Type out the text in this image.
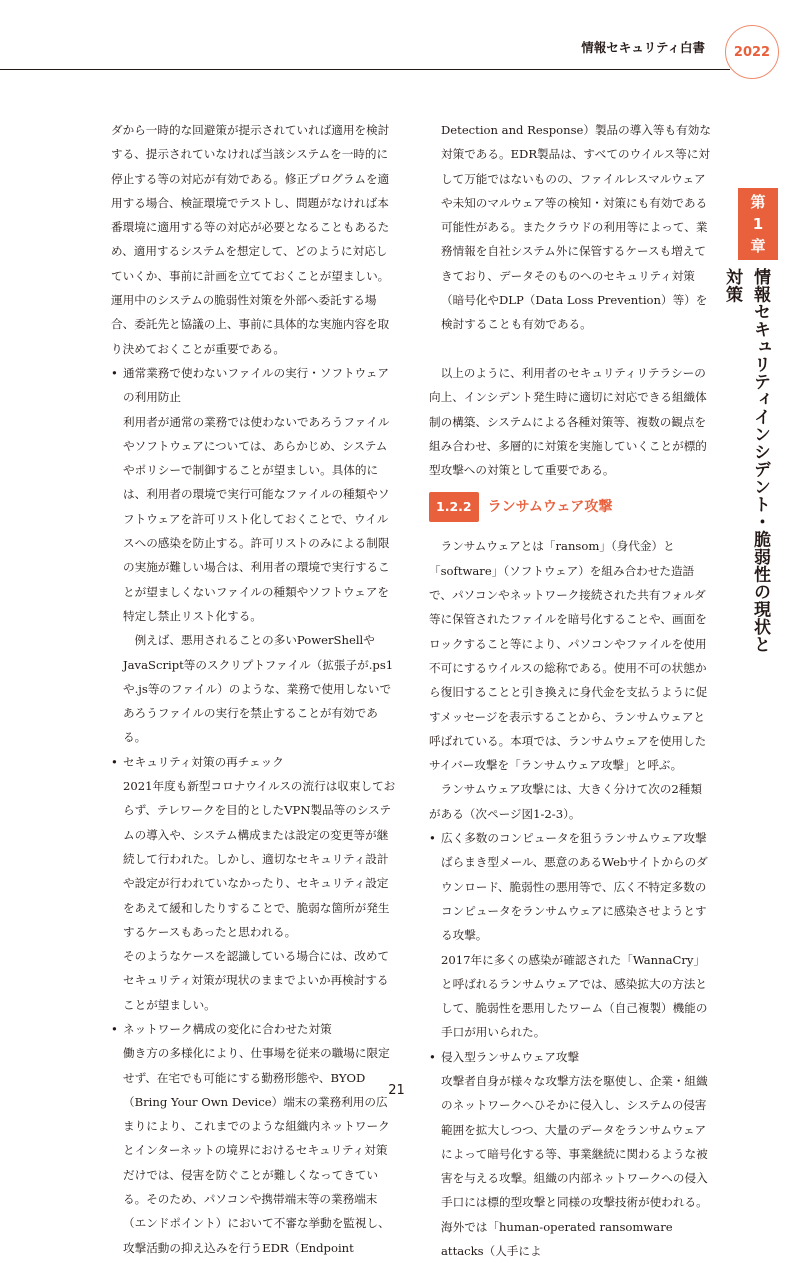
情報セキュリティ白書	2022
第
1
章
情報セキュリティインシデント・脆弱性の現状と対策

ダから一時的な回避策が提示されていれば適用を検討する、提示されていなければ当該システムを一時的に停止する等の対応が有効である。修正プログラムを適用する場合、検証環境でテストし、問題がなければ本番環境に適用する等の対応が必要となることもあるため、適用するシステムを想定して、どのように対応していくか、事前に計画を立てておくことが望ましい。運用中のシステムの脆弱性対策を外部へ委託する場合、委託先と協議の上、事前に具体的な実施内容を取り決めておくことが重要である。

• 通常業務で使わないファイルの実行・ソフトウェアの利用防止

利用者が通常の業務では使わないであろうファイルやソフトウェアについては、あらかじめ、システムやポリシーで制御することが望ましい。具体的には、利用者の環境で実行可能なファイルの種類やソフトウェアを許可リスト化しておくことで、ウイルスへの感染を防止する。許可リストのみによる制限の実施が難しい場合は、利用者の環境で実行することが望ましくないファイルの種類やソフトウェアを特定し禁止リスト化する。

例えば、悪用されることの多いPowerShellやJavaScript等のスクリプトファイル（拡張子が.ps1や.js等のファイル）のような、業務で使用しないであろうファイルの実行を禁止することが有効である。

• セキュリティ対策の再チェック

2021年度も新型コロナウイルスの流行は収束しておらず、テレワークを目的としたVPN製品等のシステムの導入や、システム構成または設定の変更等が継続して行われた。しかし、適切なセキュリティ設計や設定が行われていなかったり、セキュリティ設定をあえて緩和したりすることで、脆弱な箇所が発生するケースもあったと思われる。

そのようなケースを認識している場合には、改めてセキュリティ対策が現状のままでよいか再検討することが望ましい。

• ネットワーク構成の変化に合わせた対策

働き方の多様化により、仕事場を従来の職場に限定せず、在宅でも可能にする勤務形態や、BYOD（Bring Your Own Device）端末の業務利用の広まりにより、これまでのような組織内ネットワークとインターネットの境界におけるセキュリティ対策だけでは、侵害を防ぐことが難しくなってきている。そのため、パソコンや携帯端末等の業務端末（エンドポイント）において不審な挙動を監視し、攻撃活動の抑え込みを行うEDR（Endpoint

Detection and Response）製品の導入等も有効な対策である。EDR製品は、すべてのウイルス等に対して万能ではないものの、ファイルレスマルウェアや未知のマルウェア等の検知・対策にも有効である可能性がある。またクラウドの利用等によって、業務情報を自社システム外に保管するケースも増えてきており、データそのものへのセキュリティ対策（暗号化やDLP（Data Loss Prevention）等）を検討することも有効である。

以上のように、利用者のセキュリティリテラシーの向上、インシデント発生時に適切に対応できる組織体制の構築、システムによる各種対策等、複数の観点を組み合わせ、多層的に対策を実施していくことが標的型攻撃への対策として重要である。

1.2.2	ランサムウェア攻撃

ランサムウェアとは「ransom」（身代金）と「software」（ソフトウェア）を組み合わせた造語で、パソコンやネットワーク接続された共有フォルダ等に保管されたファイルを暗号化することや、画面をロックすること等により、パソコンやファイルを使用不可にするウイルスの総称である。使用不可の状態から復旧することと引き換えに身代金を支払うように促すメッセージを表示することから、ランサムウェアと呼ばれている。本項では、ランサムウェアを使用したサイバー攻撃を「ランサムウェア攻撃」と呼ぶ。

ランサムウェア攻撃には、大きく分けて次の2種類がある（次ページ図1-2-3）。

• 広く多数のコンピュータを狙うランサムウェア攻撃

ばらまき型メール、悪意のあるWebサイトからのダウンロード、脆弱性の悪用等で、広く不特定多数のコンピュータをランサムウェアに感染させようとする攻撃。

2017年に多くの感染が確認された「WannaCry」と呼ばれるランサムウェアでは、感染拡大の方法として、脆弱性を悪用したワーム（自己複製）機能の手口が用いられた。

• 侵入型ランサムウェア攻撃

攻撃者自身が様々な攻撃方法を駆使し、企業・組織のネットワークへひそかに侵入し、システムの侵害範囲を拡大しつつ、大量のデータをランサムウェアによって暗号化する等、事業継続に関わるような被害を与える攻撃。組織の内部ネットワークへの侵入手口には標的型攻撃と同様の攻撃技術が使われる。海外では「human-operated ransomware attacks（人手によ

21
